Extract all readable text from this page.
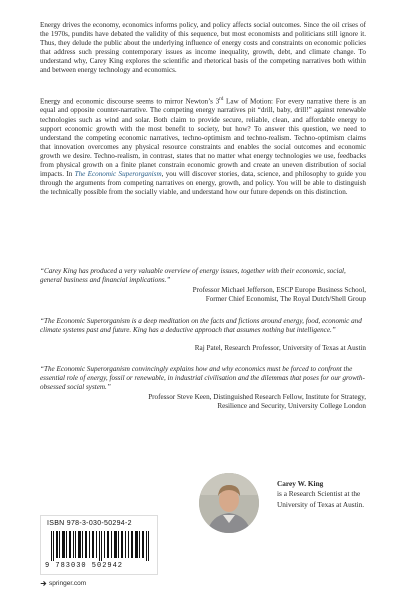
Energy drives the economy, economics informs policy, and policy affects social outcomes. Since the oil crises of the 1970s, pundits have debated the validity of this sequence, but most economists and politicians still ignore it. Thus, they delude the public about the underlying influence of energy costs and constraints on economic policies that address such pressing contemporary issues as income inequality, growth, debt, and climate change. To understand why, Carey King explores the scientific and rhetorical basis of the competing narratives both within and between energy technology and economics.

Energy and economic discourse seems to mirror Newton’s 3rd Law of Motion: For every narrative there is an equal and opposite counter-narrative. The competing energy narratives pit “drill, baby, drill!” against renewable technologies such as wind and solar. Both claim to provide secure, reliable, clean, and affordable energy to support economic growth with the most benefit to society, but how? To answer this question, we need to understand the competing economic narratives, techno-optimism and techno-realism. Techno-optimism claims that innovation overcomes any physical resource constraints and enables the social outcomes and economic growth we desire. Techno-realism, in contrast, states that no matter what energy technologies we use, feedbacks from physical growth on a finite planet constrain economic growth and create an uneven distribution of social impacts. In The Economic Superorganism, you will discover stories, data, science, and philosophy to guide you through the arguments from competing narratives on energy, growth, and policy. You will be able to distinguish the technically possible from the socially viable, and understand how our future depends on this distinction.

“Carey King has produced a very valuable overview of energy issues, together with their economic, social, general business and financial implications.”

Professor Michael Jefferson, ESCP Europe Business School,
Former Chief Economist, The Royal Dutch/Shell Group

“The Economic Superorganism is a deep meditation on the facts and fictions around energy, food, economic and climate systems past and future. King has a deductive approach that assumes nothing but intelligence.”

Raj Patel, Research Professor, University of Texas at Austin

“The Economic Superorganism convincingly explains how and why economics must be forced to confront the essential role of energy, fossil or renewable, in industrial civilisation and the dilemmas that poses for our growth-obsessed social system.”

Professor Steve Keen, Distinguished Research Fellow, Institute for Strategy,
Resilience and Security, University College London

ISBN 978-3-030-50294-2
9 783030 502942
springer.com

Carey W. King
is a Research Scientist at the University of Texas at Austin.
